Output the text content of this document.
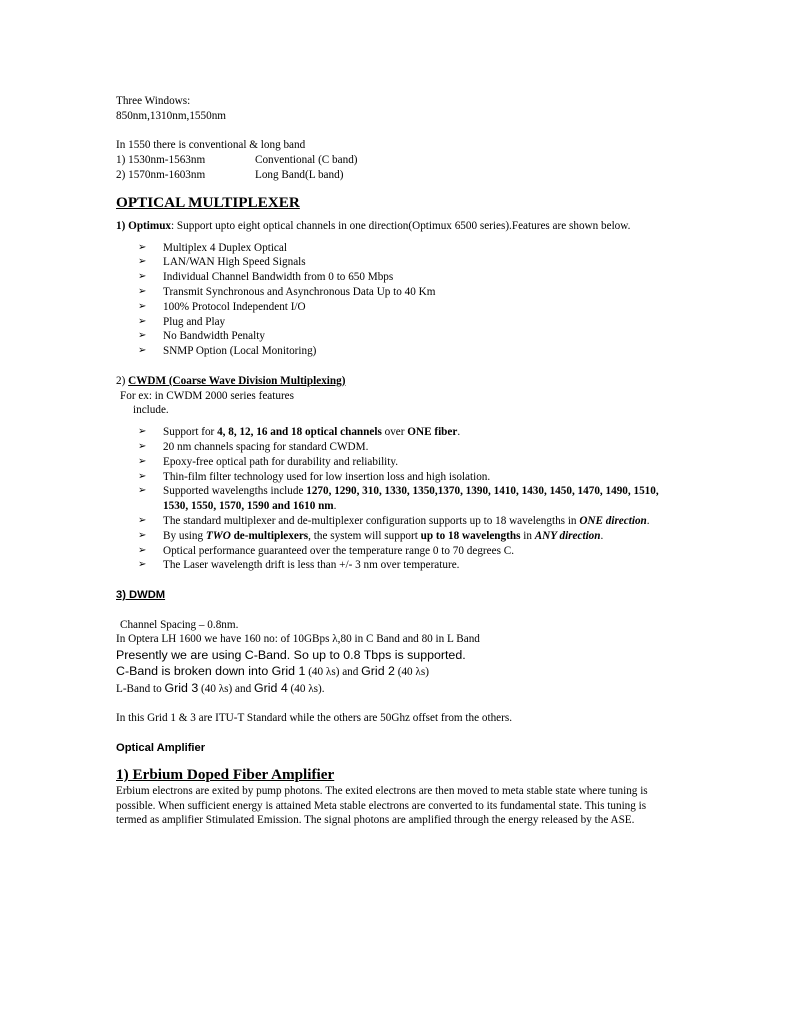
Three Windows:
850nm,1310nm,1550nm
In 1550 there is conventional & long band
1) 1530nm-1563nm	Conventional (C band)
2) 1570nm-1603nm	Long Band(L band)
OPTICAL MULTIPLEXER
1) Optimux: Support upto eight optical channels in one direction(Optimux 6500 series).Features are shown below.
➢ Multiplex 4 Duplex Optical
➢ LAN/WAN High Speed Signals
➢ Individual Channel Bandwidth from 0 to 650 Mbps
➢ Transmit Synchronous and Asynchronous Data Up to 40 Km
➢ 100% Protocol Independent I/O
➢ Plug and Play
➢ No Bandwidth Penalty
➢ SNMP Option (Local Monitoring)
2) CWDM (Coarse Wave Division Multiplexing)
For ex: in CWDM 2000 series features
include.
➢ Support for 4, 8, 12, 16 and 18 optical channels over ONE fiber.
➢ 20 nm channels spacing for standard CWDM.
➢ Epoxy-free optical path for durability and reliability.
➢ Thin-film filter technology used for low insertion loss and high isolation.
➢ Supported wavelengths include 1270, 1290, 310, 1330, 1350,1370, 1390, 1410, 1430, 1450, 1470, 1490, 1510, 1530, 1550, 1570, 1590 and 1610 nm.
➢ The standard multiplexer and de-multiplexer configuration supports up to 18 wavelengths in ONE direction.
➢ By using TWO de-multiplexers, the system will support up to 18 wavelengths in ANY direction.
➢ Optical performance guaranteed over the temperature range 0 to 70 degrees C.
➢ The Laser wavelength drift is less than +/- 3 nm over temperature.
3) DWDM
Channel Spacing – 0.8nm.
In Optera LH 1600 we have 160 no: of 10GBps λ,80 in C Band and 80 in L Band
Presently we are using C-Band. So up to 0.8 Tbps is supported.
C-Band is broken down into Grid 1 (40 λs) and Grid 2 (40 λs)
L-Band to Grid 3 (40 λs) and Grid 4 (40 λs).
In this Grid 1 & 3 are ITU-T Standard while the others are 50Ghz offset from the others.
Optical Amplifier
1) Erbium Doped Fiber Amplifier
Erbium electrons are exited by pump photons. The exited electrons are then moved to meta stable state where tuning is possible. When sufficient energy is attained Meta stable electrons are converted to its fundamental state. This tuning is termed as amplifier Stimulated Emission. The signal photons are amplified through the energy released by the ASE.
